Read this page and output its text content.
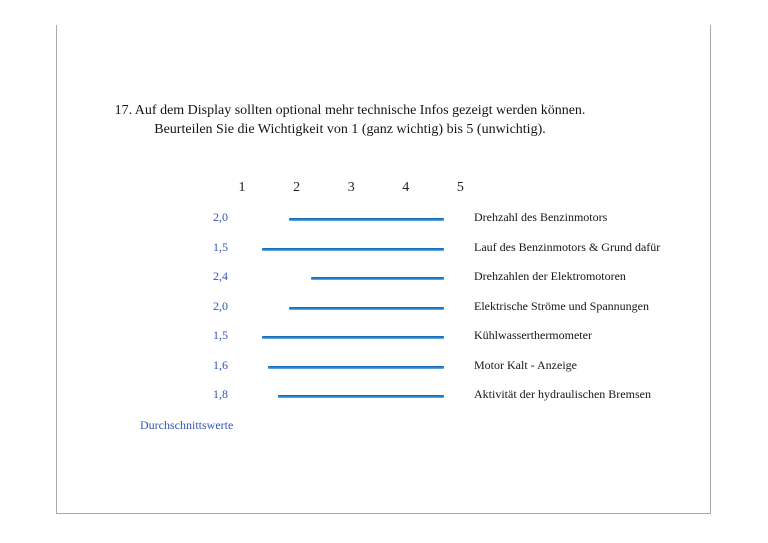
17. Auf dem Display sollten optional mehr technische Infos gezeigt werden können.
Beurteilen Sie die Wichtigkeit von 1 (ganz wichtig) bis 5 (unwichtig).
1	2	3	4	5
2,0	Drehzahl des Benzinmotors
1,5	Lauf des Benzinmotors & Grund dafür
2,4	Drehzahlen der Elektromotoren
2,0	Elektrische Ströme und Spannungen
1,5	Kühlwasserthermometer
1,6	Motor Kalt - Anzeige
1,8	Aktivität der hydraulischen Bremsen
Durchschnittswerte
